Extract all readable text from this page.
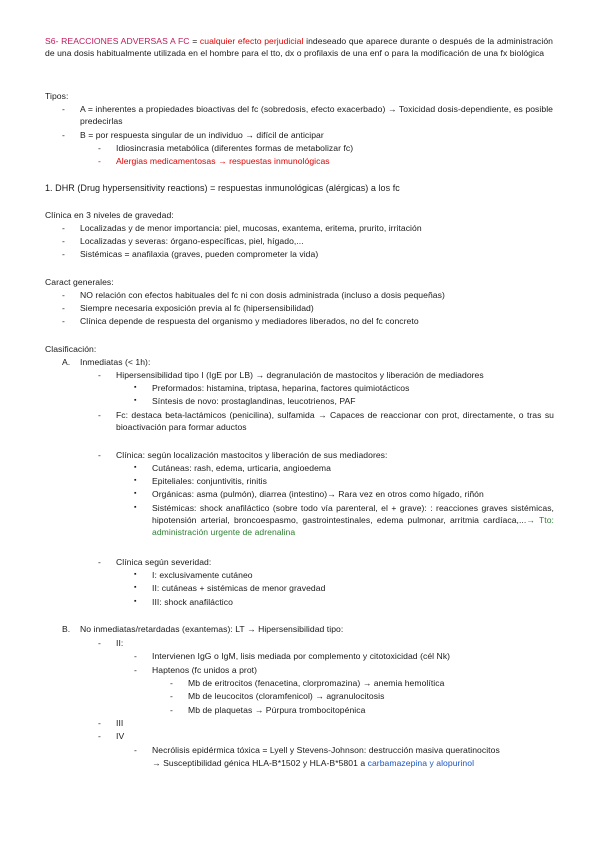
S6- REACCIONES ADVERSAS A FC = cualquier efecto perjudicial indeseado que aparece durante o después de la administración de una dosis habitualmente utilizada en el hombre para el tto, dx o profilaxis de una enf o para la modificación de una fx biológica
Tipos:
- A = inherentes a propiedades bioactivas del fc (sobredosis, efecto exacerbado) → Toxicidad dosis-dependiente, es posible predecirlas
- B = por respuesta singular de un individuo → difícil de anticipar
- Idiosincrasia metabólica (diferentes formas de metabolizar fc)
- Alergias medicamentosas → respuestas inmunológicas
1. DHR (Drug hypersensitivity reactions) = respuestas inmunológicas (alérgicas) a los fc
Clínica en 3 niveles de gravedad:
- Localizadas y de menor importancia: piel, mucosas, exantema, eritema, prurito, irritación
- Localizadas y severas: órgano-específicas, piel, hígado,...
- Sistémicas = anafilaxia (graves, pueden comprometer la vida)
Caract generales:
- NO relación con efectos habituales del fc ni con dosis administrada (incluso a dosis pequeñas)
- Siempre necesaria exposición previa al fc (hipersensibilidad)
- Clínica depende de respuesta del organismo y mediadores liberados, no del fc concreto
Clasificación:
A. Inmediatas (< 1h):
- Hipersensibilidad tipo I (IgE por LB) → degranulación de mastocitos y liberación de mediadores
▪ Preformados: histamina, triptasa, heparina, factores quimiotácticos
▪ Síntesis de novo: prostaglandinas, leucotrienos, PAF
- Fc: destaca beta-lactámicos (penicilina), sulfamida → Capaces de reaccionar con prot, directamente, o tras su bioactivación para formar aductos
- Clínica: según localización mastocitos y liberación de sus mediadores:
▪ Cutáneas: rash, edema, urticaria, angioedema
▪ Epiteliales: conjuntivitis, rinitis
▪ Orgánicas: asma (pulmón), diarrea (intestino)→ Rara vez en otros como hígado, riñón
▪ Sistémicas: shock anafiláctico (sobre todo vía parenteral, el + grave): : reacciones graves sistémicas, hipotensión arterial, broncoespasmo, gastrointestinales, edema pulmonar, arritmia cardíaca,...→ Tto: administración urgente de adrenalina
- Clínica según severidad:
▪ I: exclusivamente cutáneo
▪ II: cutáneas + sistémicas de menor gravedad
▪ III: shock anafiláctico
B. No inmediatas/retardadas (exantemas): LT → Hipersensibilidad tipo:
- II:
- Intervienen IgG o IgM, lisis mediada por complemento y citotoxicidad (cél Nk)
- Haptenos (fc unidos a prot)
- Mb de eritrocitos (fenacetina, clorpromazina) → anemia hemolítica
- Mb de leucocitos (cloramfenicol) → agranulocitosis
- Mb de plaquetas → Púrpura trombocitopénica
- III
- IV
- Necrólisis epidérmica tóxica = Lyell y Stevens-Johnson: destrucción masiva queratinocitos
→ Susceptibilidad génica HLA-B*1502 y HLA-B*5801 a carbamazepina y alopurinol
